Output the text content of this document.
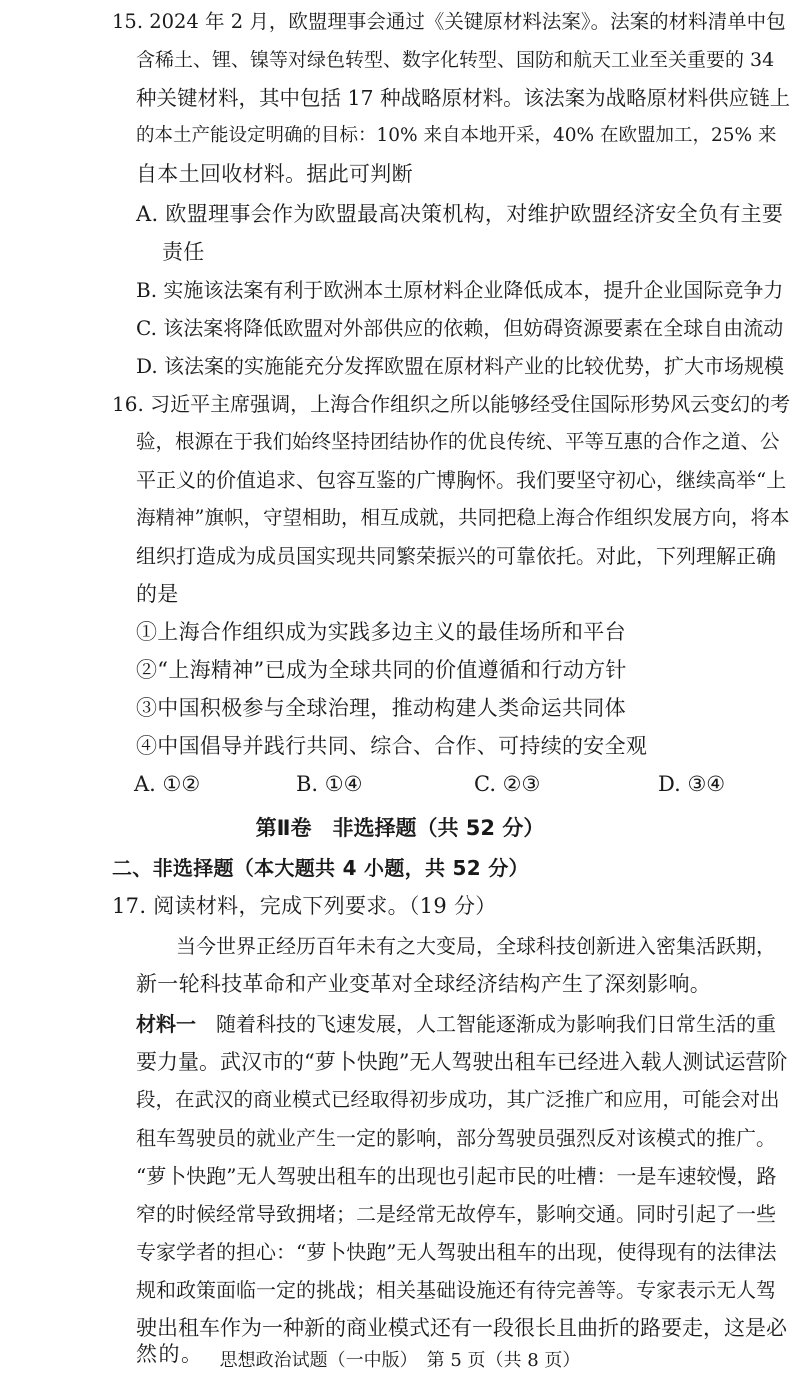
15. 2024 年 2 月，欧盟理事会通过《关键原材料法案》。法案的材料清单中包
含稀土、锂、镍等对绿色转型、数字化转型、国防和航天工业至关重要的 34
种关键材料，其中包括 17 种战略原材料。该法案为战略原材料供应链上
的本土产能设定明确的目标：10% 来自本地开采，40% 在欧盟加工，25% 来
自本土回收材料。据此可判断
A. 欧盟理事会作为欧盟最高决策机构，对维护欧盟经济安全负有主要
责任
B. 实施该法案有利于欧洲本土原材料企业降低成本，提升企业国际竞争力
C. 该法案将降低欧盟对外部供应的依赖，但妨碍资源要素在全球自由流动
D. 该法案的实施能充分发挥欧盟在原材料产业的比较优势，扩大市场规模
16. 习近平主席强调，上海合作组织之所以能够经受住国际形势风云变幻的考
验，根源在于我们始终坚持团结协作的优良传统、平等互惠的合作之道、公
平正义的价值追求、包容互鉴的广博胸怀。我们要坚守初心，继续高举“上
海精神”旗帜，守望相助，相互成就，共同把稳上海合作组织发展方向，将本
组织打造成为成员国实现共同繁荣振兴的可靠依托。对此，下列理解正确
的是
①上海合作组织成为实践多边主义的最佳场所和平台
②“上海精神”已成为全球共同的价值遵循和行动方针
③中国积极参与全球治理，推动构建人类命运共同体
④中国倡导并践行共同、综合、合作、可持续的安全观
A. ①②	B. ①④	C. ②③	D. ③④
第Ⅱ卷　非选择题（共 52 分）
二、非选择题（本大题共 4 小题，共 52 分）
17. 阅读材料，完成下列要求。（19 分）
当今世界正经历百年未有之大变局，全球科技创新进入密集活跃期，
新一轮科技革命和产业变革对全球经济结构产生了深刻影响。
材料一　随着科技的飞速发展，人工智能逐渐成为影响我们日常生活的重
要力量。武汉市的“萝卜快跑”无人驾驶出租车已经进入载人测试运营阶
段，在武汉的商业模式已经取得初步成功，其广泛推广和应用，可能会对出
租车驾驶员的就业产生一定的影响，部分驾驶员强烈反对该模式的推广。
“萝卜快跑”无人驾驶出租车的出现也引起市民的吐槽：一是车速较慢，路
窄的时候经常导致拥堵；二是经常无故停车，影响交通。同时引起了一些
专家学者的担心：“萝卜快跑”无人驾驶出租车的出现，使得现有的法律法
规和政策面临一定的挑战；相关基础设施还有待完善等。专家表示无人驾
驶出租车作为一种新的商业模式还有一段很长且曲折的路要走，这是必
然的。 思想政治试题（一中版）　第 5 页（共 8 页）
